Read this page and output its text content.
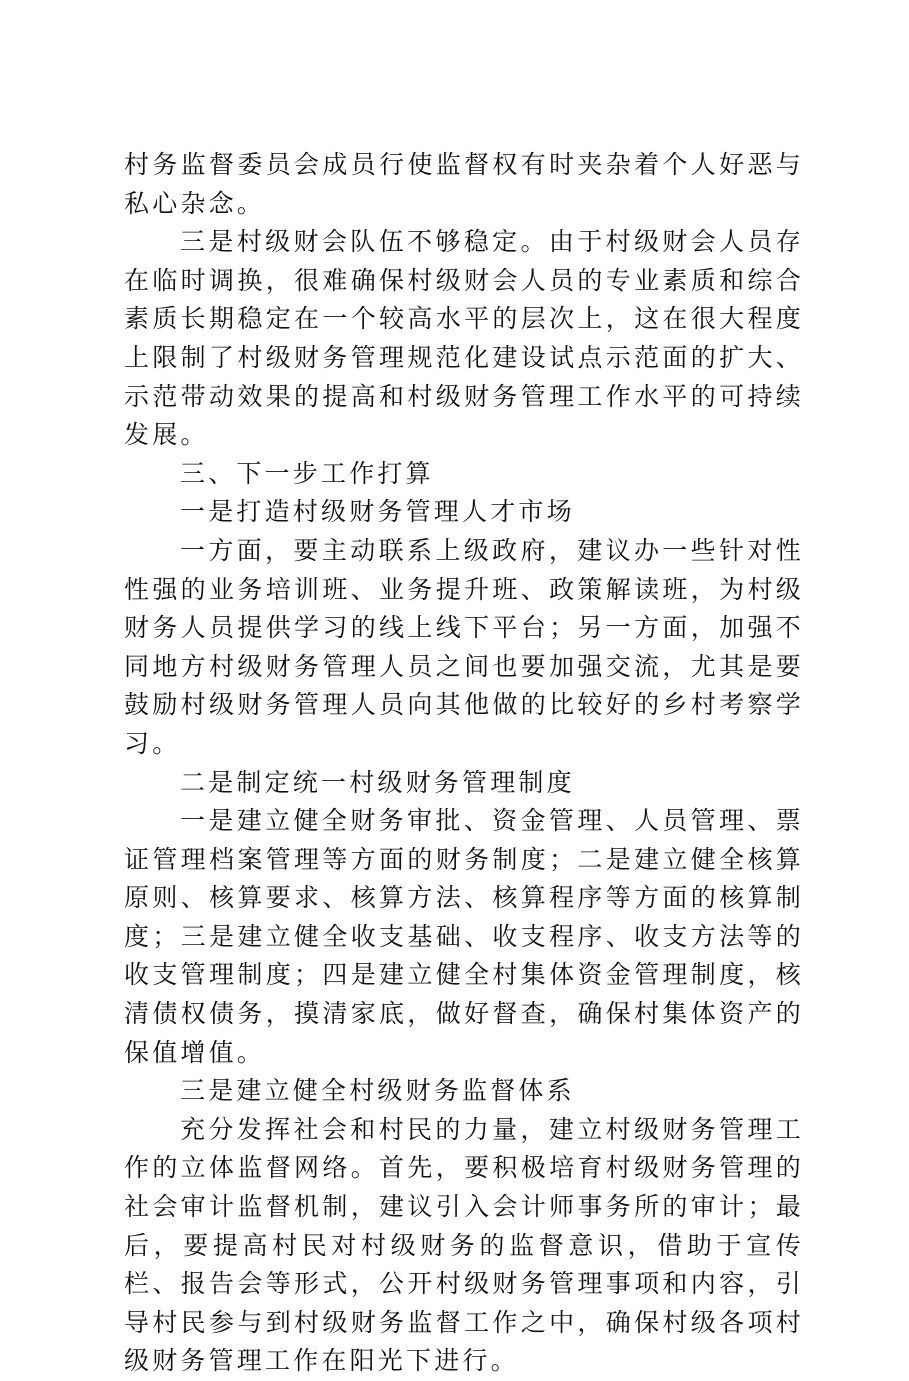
村务监督委员会成员行使监督权有时夹杂着个人好恶与私心杂念。

三是村级财会队伍不够稳定。由于村级财会人员存在临时调换，很难确保村级财会人员的专业素质和综合素质长期稳定在一个较高水平的层次上，这在很大程度上限制了村级财务管理规范化建设试点示范面的扩大、示范带动效果的提高和村级财务管理工作水平的可持续发展。

三、下一步工作打算

一是打造村级财务管理人才市场

一方面，要主动联系上级政府，建议办一些针对性性强的业务培训班、业务提升班、政策解读班，为村级财务人员提供学习的线上线下平台；另一方面，加强不同地方村级财务管理人员之间也要加强交流，尤其是要鼓励村级财务管理人员向其他做的比较好的乡村考察学习。

二是制定统一村级财务管理制度

一是建立健全财务审批、资金管理、人员管理、票证管理档案管理等方面的财务制度；二是建立健全核算原则、核算要求、核算方法、核算程序等方面的核算制度；三是建立健全收支基础、收支程序、收支方法等的收支管理制度；四是建立健全村集体资金管理制度，核清债权债务，摸清家底，做好督查，确保村集体资产的保值增值。

三是建立健全村级财务监督体系

充分发挥社会和村民的力量，建立村级财务管理工作的立体监督网络。首先，要积极培育村级财务管理的社会审计监督机制，建议引入会计师事务所的审计；最后，要提高村民对村级财务的监督意识，借助于宣传栏、报告会等形式，公开村级财务管理事项和内容，引导村民参与到村级财务监督工作之中，确保村级各项村级财务管理工作在阳光下进行。
